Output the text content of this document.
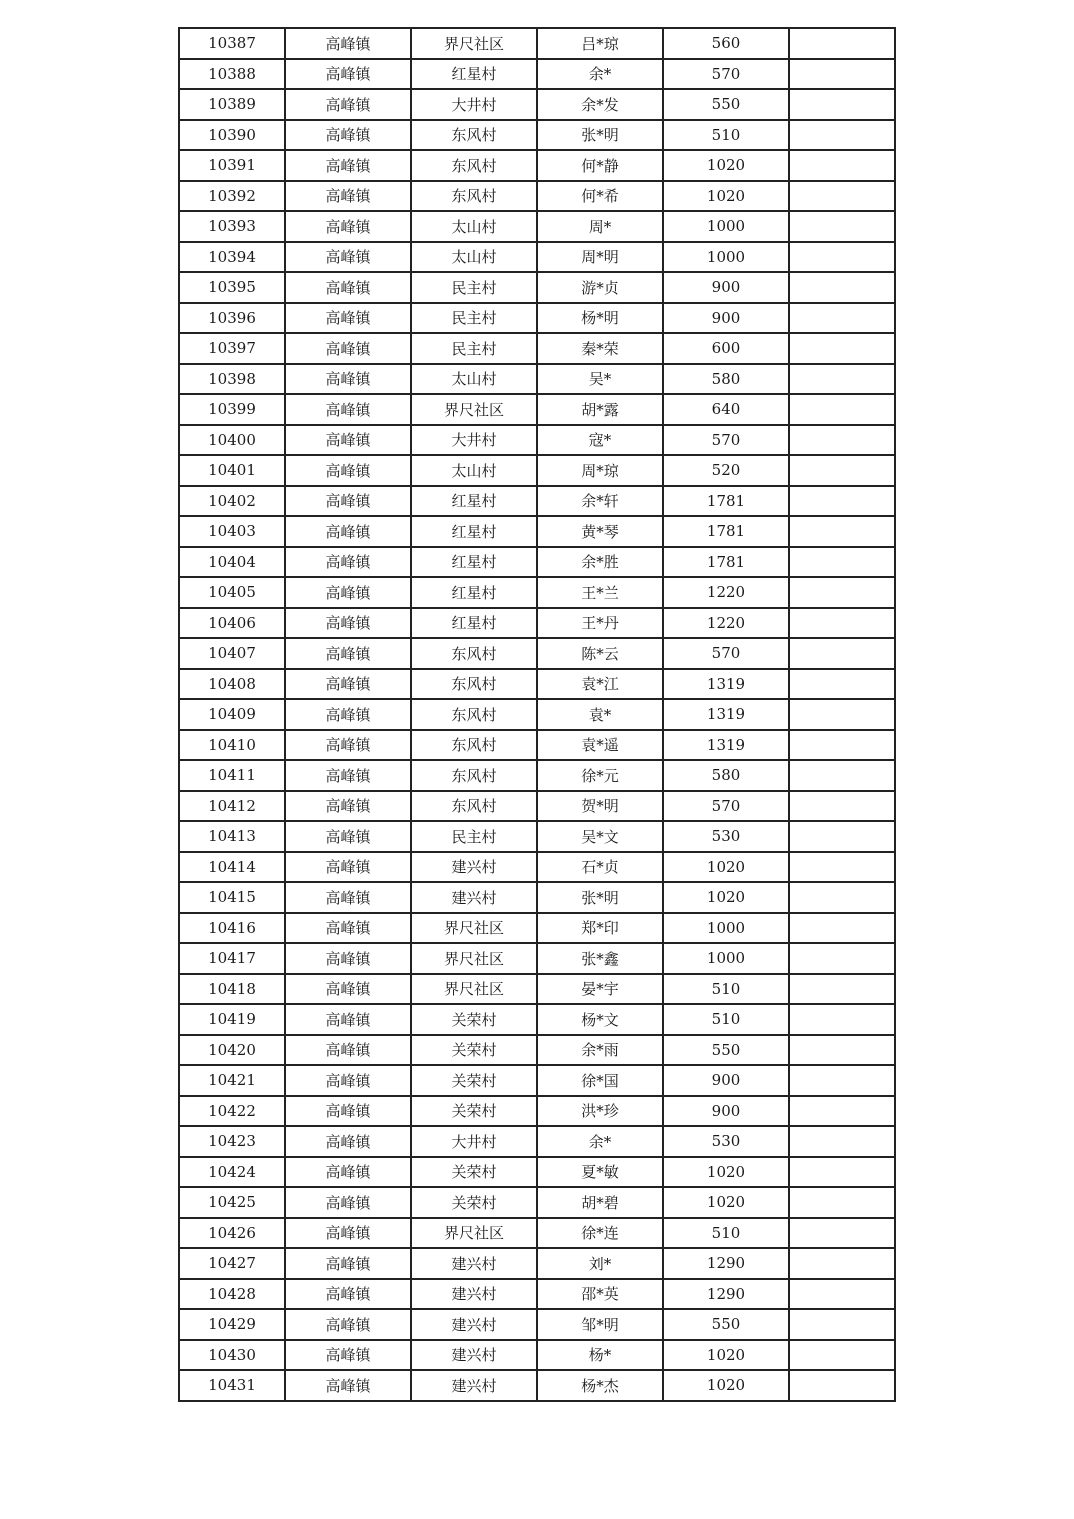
10387	高峰镇	界尺社区	吕*琼	560	
10388	高峰镇	红星村	余*	570	
10389	高峰镇	大井村	余*发	550	
10390	高峰镇	东风村	张*明	510	
10391	高峰镇	东风村	何*静	1020	
10392	高峰镇	东风村	何*希	1020	
10393	高峰镇	太山村	周*	1000	
10394	高峰镇	太山村	周*明	1000	
10395	高峰镇	民主村	游*贞	900	
10396	高峰镇	民主村	杨*明	900	
10397	高峰镇	民主村	秦*荣	600	
10398	高峰镇	太山村	吴*	580	
10399	高峰镇	界尺社区	胡*露	640	
10400	高峰镇	大井村	寇*	570	
10401	高峰镇	太山村	周*琼	520	
10402	高峰镇	红星村	余*轩	1781	
10403	高峰镇	红星村	黄*琴	1781	
10404	高峰镇	红星村	余*胜	1781	
10405	高峰镇	红星村	王*兰	1220	
10406	高峰镇	红星村	王*丹	1220	
10407	高峰镇	东风村	陈*云	570	
10408	高峰镇	东风村	袁*江	1319	
10409	高峰镇	东风村	袁*	1319	
10410	高峰镇	东风村	袁*遥	1319	
10411	高峰镇	东风村	徐*元	580	
10412	高峰镇	东风村	贺*明	570	
10413	高峰镇	民主村	吴*文	530	
10414	高峰镇	建兴村	石*贞	1020	
10415	高峰镇	建兴村	张*明	1020	
10416	高峰镇	界尺社区	郑*印	1000	
10417	高峰镇	界尺社区	张*鑫	1000	
10418	高峰镇	界尺社区	晏*宇	510	
10419	高峰镇	关荣村	杨*文	510	
10420	高峰镇	关荣村	余*雨	550	
10421	高峰镇	关荣村	徐*国	900	
10422	高峰镇	关荣村	洪*珍	900	
10423	高峰镇	大井村	余*	530	
10424	高峰镇	关荣村	夏*敏	1020	
10425	高峰镇	关荣村	胡*碧	1020	
10426	高峰镇	界尺社区	徐*连	510	
10427	高峰镇	建兴村	刘*	1290	
10428	高峰镇	建兴村	邵*英	1290	
10429	高峰镇	建兴村	邹*明	550	
10430	高峰镇	建兴村	杨*	1020	
10431	高峰镇	建兴村	杨*杰	1020	
